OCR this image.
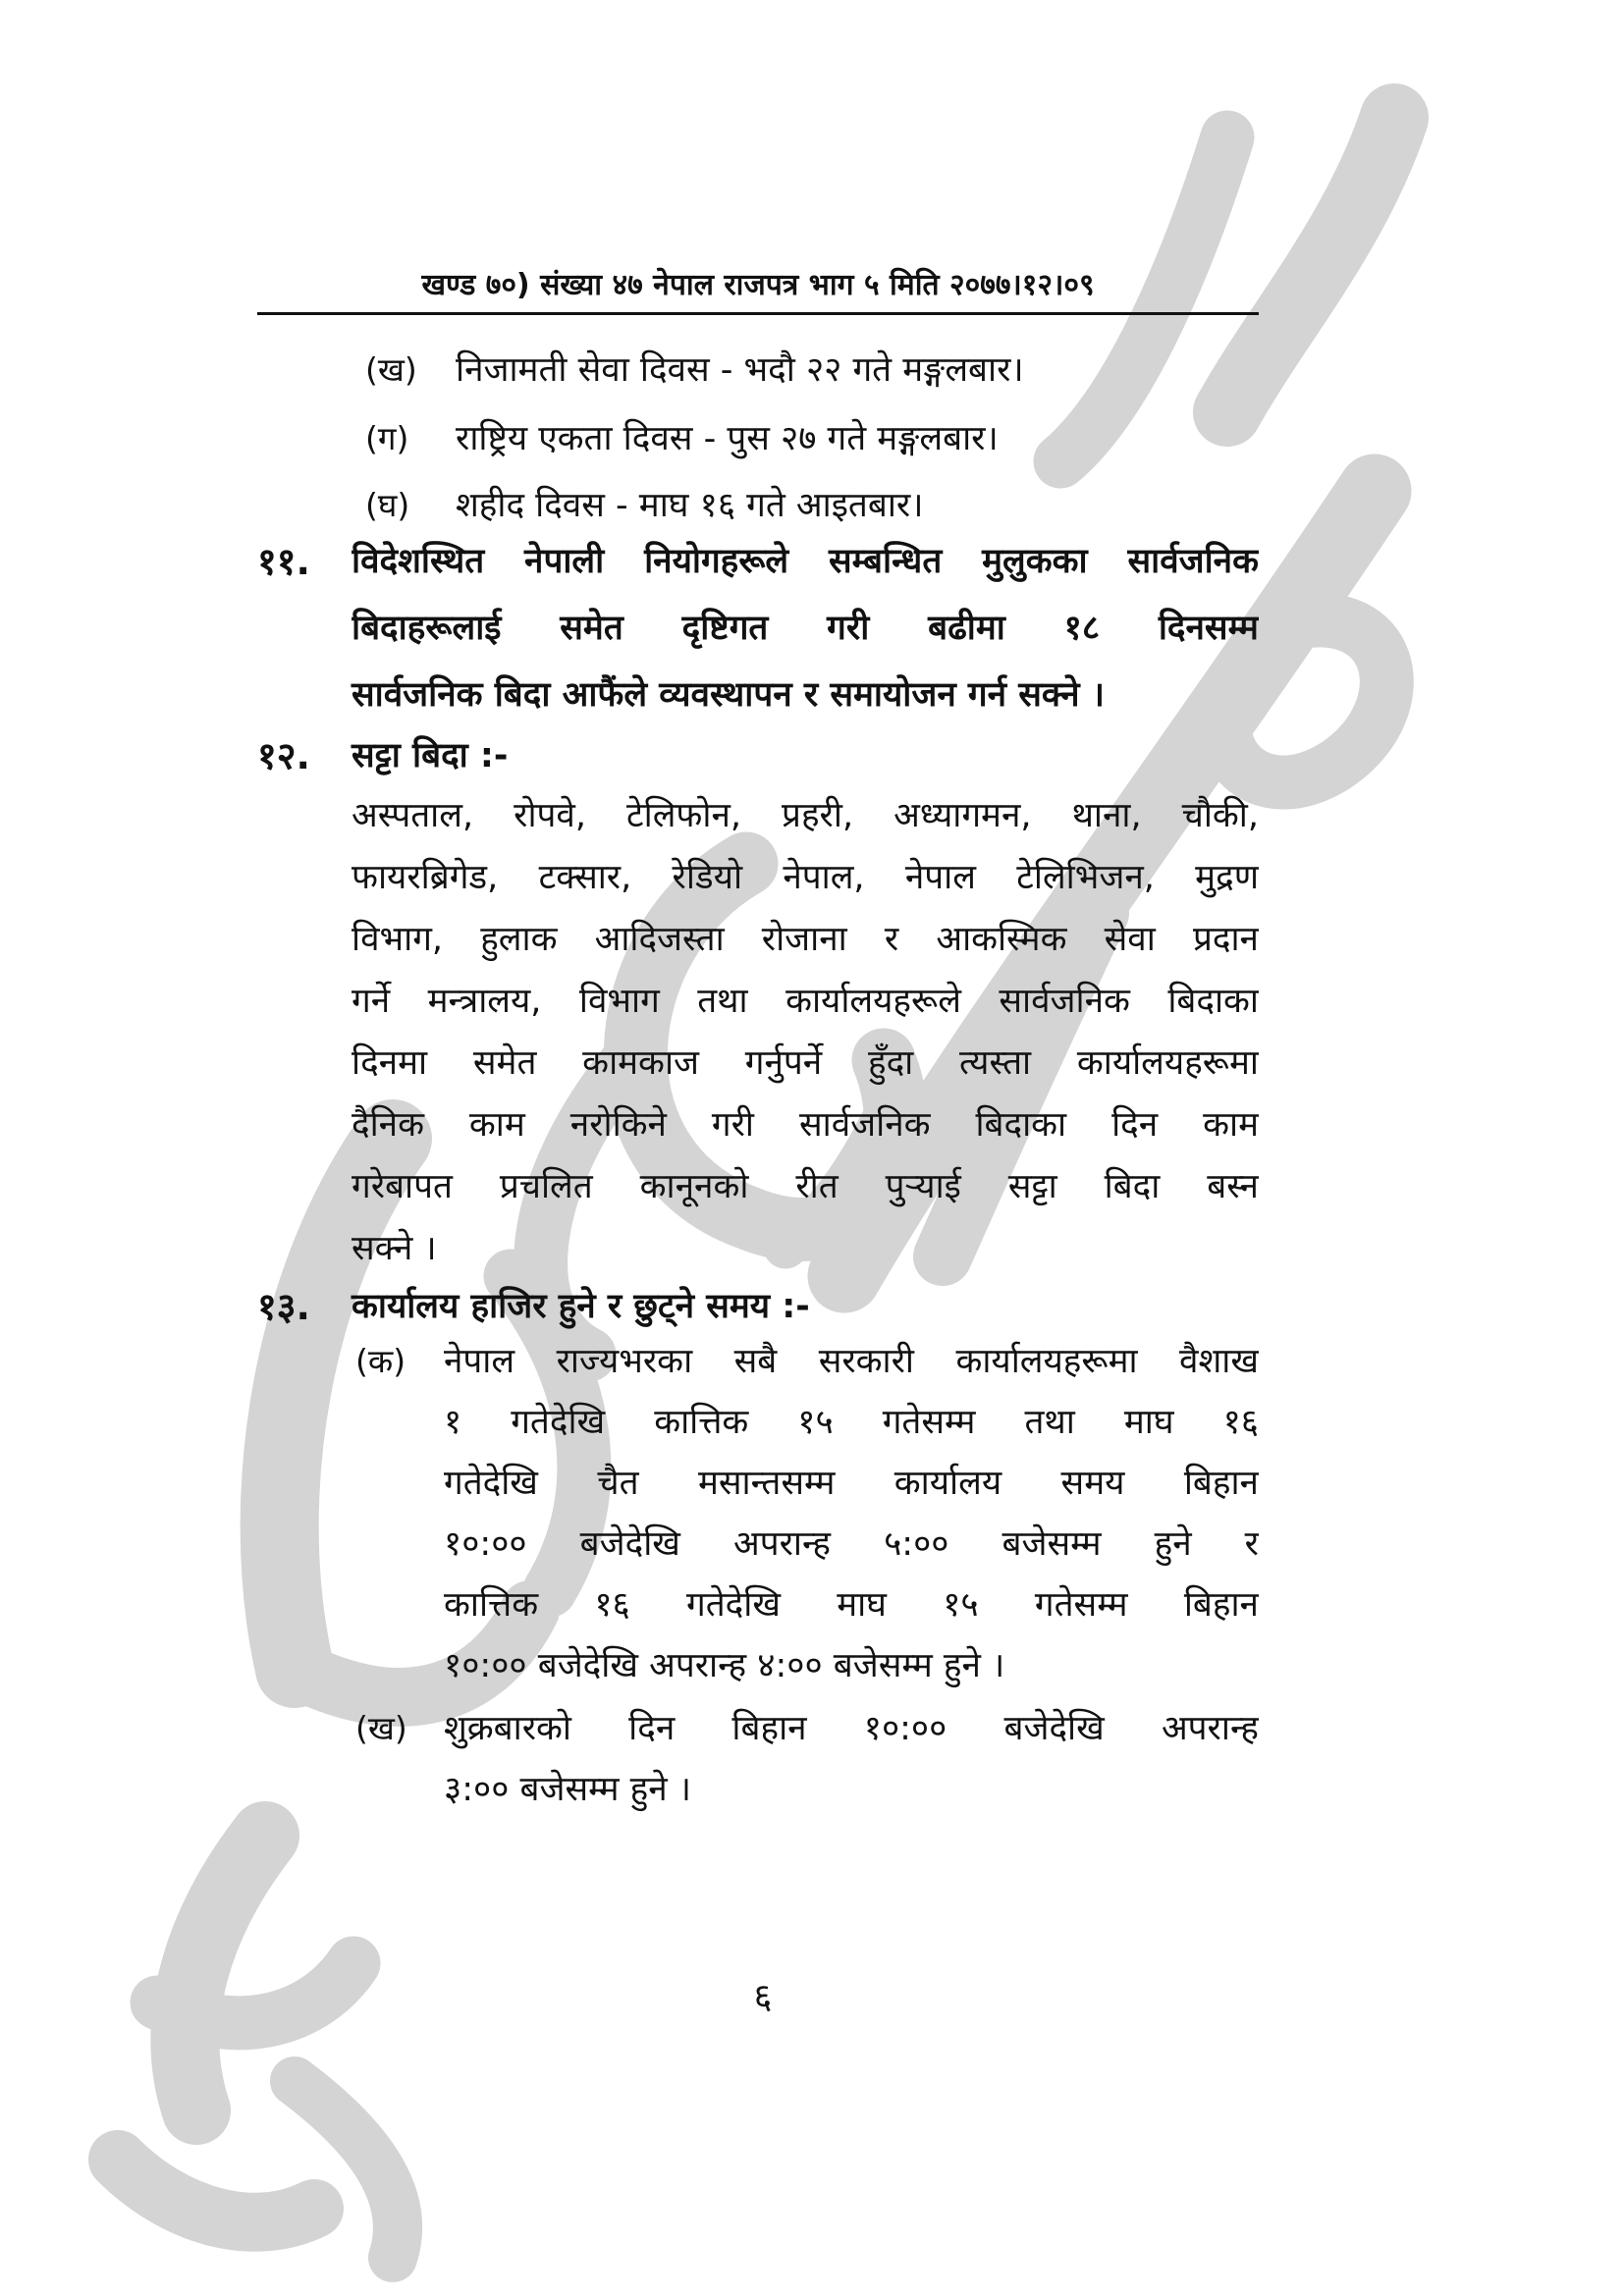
खण्ड ७०) संख्या ४७ नेपाल राजपत्र भाग ५ मिति २०७७।१२।०९
(ख) निजामती सेवा दिवस - भदौ २२ गते मङ्गलबार।
(ग) राष्ट्रिय एकता दिवस - पुस २७ गते मङ्गलबार।
(घ) शहीद दिवस - माघ १६ गते आइतबार।
११. विदेशस्थित नेपाली नियोगहरूले सम्बन्धित मुलुकका सार्वजनिक
बिदाहरूलाई समेत दृष्टिगत गरी बढीमा १८ दिनसम्म
सार्वजनिक बिदा आफैंले व्यवस्थापन र समायोजन गर्न सक्ने ।
१२. सट्टा बिदा :-
अस्पताल, रोपवे, टेलिफोन, प्रहरी, अध्यागमन, थाना, चौकी,
फायरब्रिगेड, टक्सार, रेडियो नेपाल, नेपाल टेलिभिजन, मुद्रण
विभाग, हुलाक आदिजस्ता रोजाना र आकस्मिक सेवा प्रदान
गर्ने मन्त्रालय, विभाग तथा कार्यालयहरूले सार्वजनिक बिदाका
दिनमा समेत कामकाज गर्नुपर्ने हुँदा त्यस्ता कार्यालयहरूमा
दैनिक काम नरोकिने गरी सार्वजनिक बिदाका दिन काम
गरेबापत प्रचलित कानूनको रीत पुऱ्याई सट्टा बिदा बस्न
सक्ने ।
१३. कार्यालय हाजिर हुने र छुट्ने समय :-
(क) नेपाल राज्यभरका सबै सरकारी कार्यालयहरूमा वैशाख
१ गतेदेखि कात्तिक १५ गतेसम्म तथा माघ १६
गतेदेखि चैत मसान्तसम्म कार्यालय समय बिहान
१०:०० बजेदेखि अपरान्ह ५:०० बजेसम्म हुने र
कात्तिक १६ गतेदेखि माघ १५ गतेसम्म बिहान
१०:०० बजेदेखि अपरान्ह ४:०० बजेसम्म हुने ।
(ख) शुक्रबारको दिन बिहान १०:०० बजेदेखि अपरान्ह
३:०० बजेसम्म हुने ।
६
